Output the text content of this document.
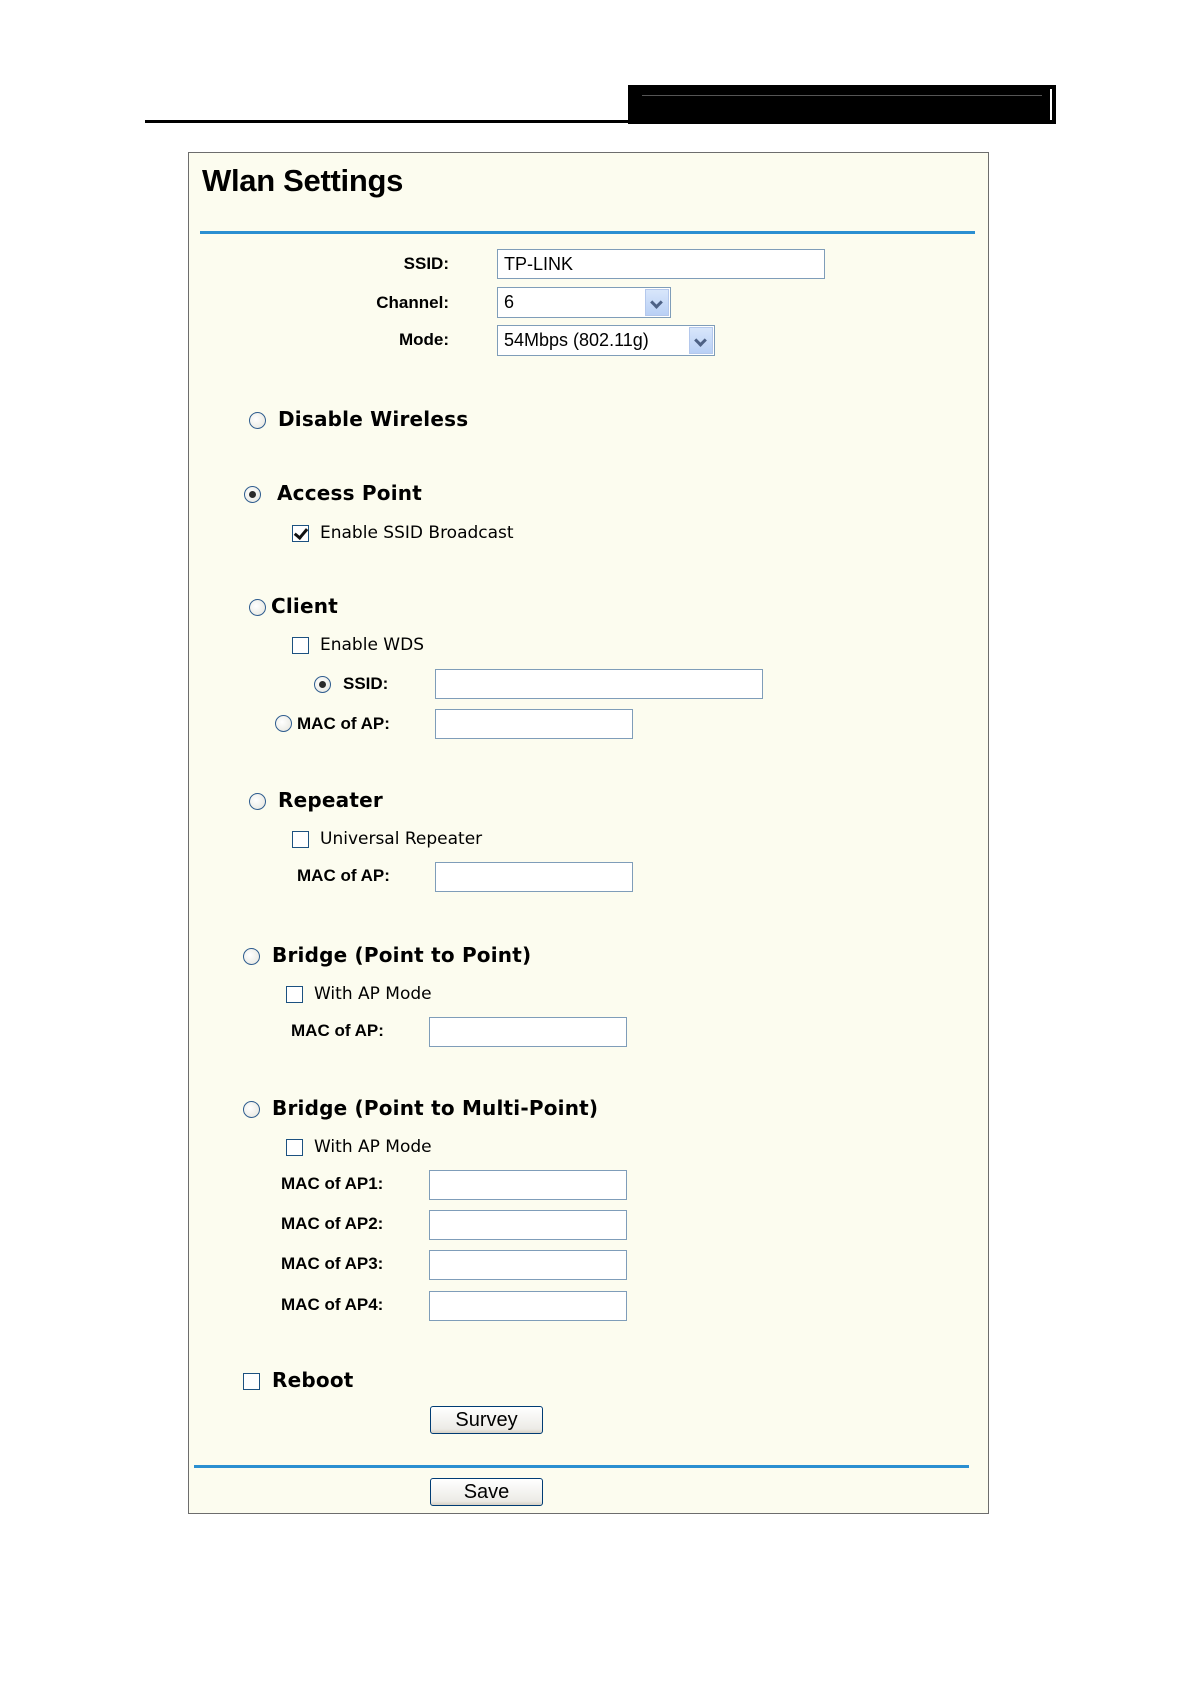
Wlan Settings
SSID:	TP-LINK
Channel:	6
Mode:	54Mbps (802.11g)
Disable Wireless
Access Point
Enable SSID Broadcast
Client
Enable WDS
SSID:
MAC of AP:
Repeater
Universal Repeater
MAC of AP:
Bridge (Point to Point)
With AP Mode
MAC of AP:
Bridge (Point to Multi-Point)
With AP Mode
MAC of AP1:
MAC of AP2:
MAC of AP3:
MAC of AP4:
Reboot
Survey
Save
